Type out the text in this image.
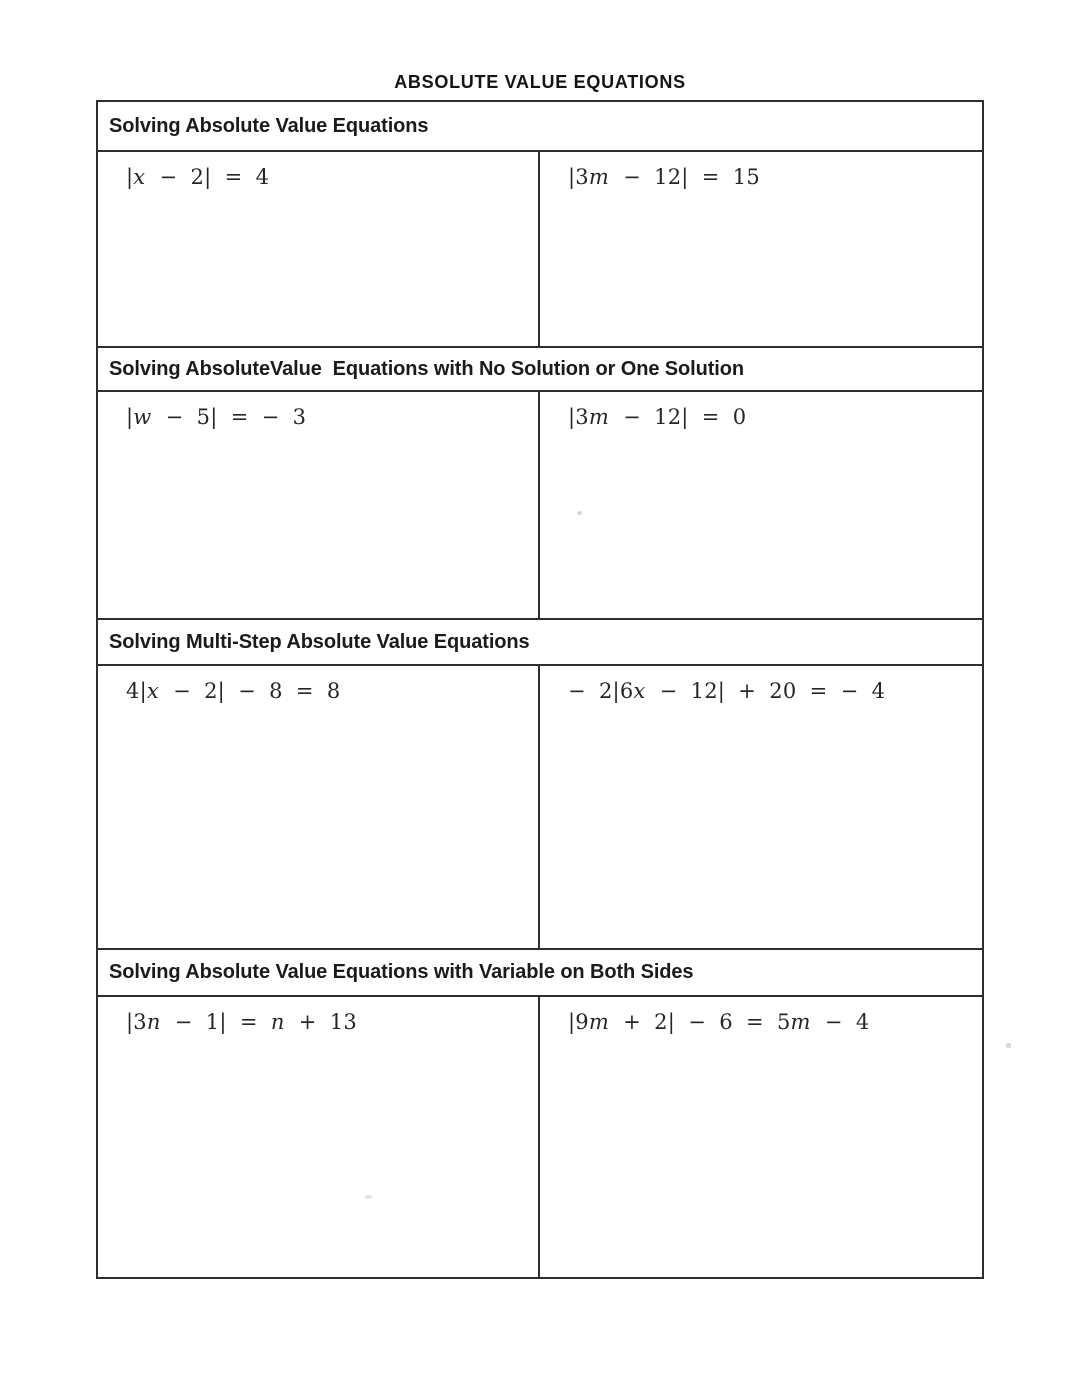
ABSOLUTE VALUE EQUATIONS
Solving Absolute Value Equations
|x − 2| = 4	|3m − 12| = 15
Solving AbsoluteValue  Equations with No Solution or One Solution
|w − 5| = − 3	|3m − 12| = 0
Solving Multi-Step Absolute Value Equations
4|x − 2| − 8 = 8	− 2|6x − 12| + 20 = − 4
Solving Absolute Value Equations with Variable on Both Sides
|3n − 1| = n + 13	|9m + 2| − 6 = 5m − 4
